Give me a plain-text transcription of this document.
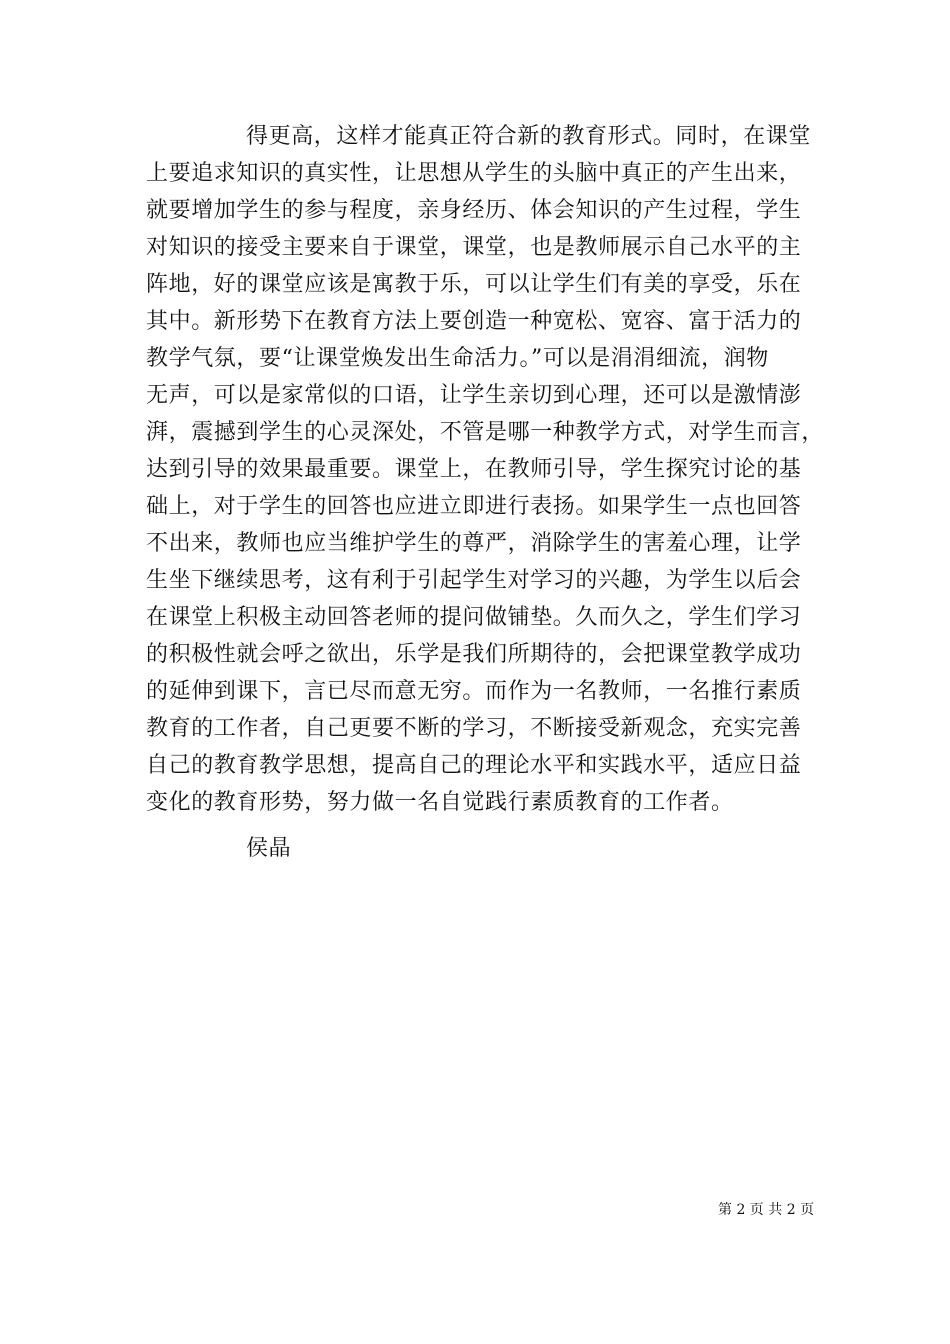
得更高，这样才能真正符合新的教育形式。同时，在课堂
上要追求知识的真实性，让思想从学生的头脑中真正的产生出来，
就要增加学生的参与程度，亲身经历、体会知识的产生过程，学生
对知识的接受主要来自于课堂，课堂，也是教师展示自己水平的主
阵地，好的课堂应该是寓教于乐，可以让学生们有美的享受，乐在
其中。新形势下在教育方法上要创造一种宽松、宽容、富于活力的
教学气氛，要“让课堂焕发出生命活力。”可以是涓涓细流，润物
无声，可以是家常似的口语，让学生亲切到心理，还可以是激情澎
湃，震撼到学生的心灵深处，不管是哪一种教学方式，对学生而言，
达到引导的效果最重要。课堂上，在教师引导，学生探究讨论的基
础上，对于学生的回答也应进立即进行表扬。如果学生一点也回答
不出来，教师也应当维护学生的尊严，消除学生的害羞心理，让学
生坐下继续思考，这有利于引起学生对学习的兴趣，为学生以后会
在课堂上积极主动回答老师的提问做铺垫。久而久之，学生们学习
的积极性就会呼之欲出，乐学是我们所期待的，会把课堂教学成功
的延伸到课下，言已尽而意无穷。而作为一名教师，一名推行素质
教育的工作者，自己更要不断的学习，不断接受新观念，充实完善
自己的教育教学思想，提高自己的理论水平和实践水平，适应日益
变化的教育形势，努力做一名自觉践行素质教育的工作者。
侯晶
第 2 页 共 2 页
